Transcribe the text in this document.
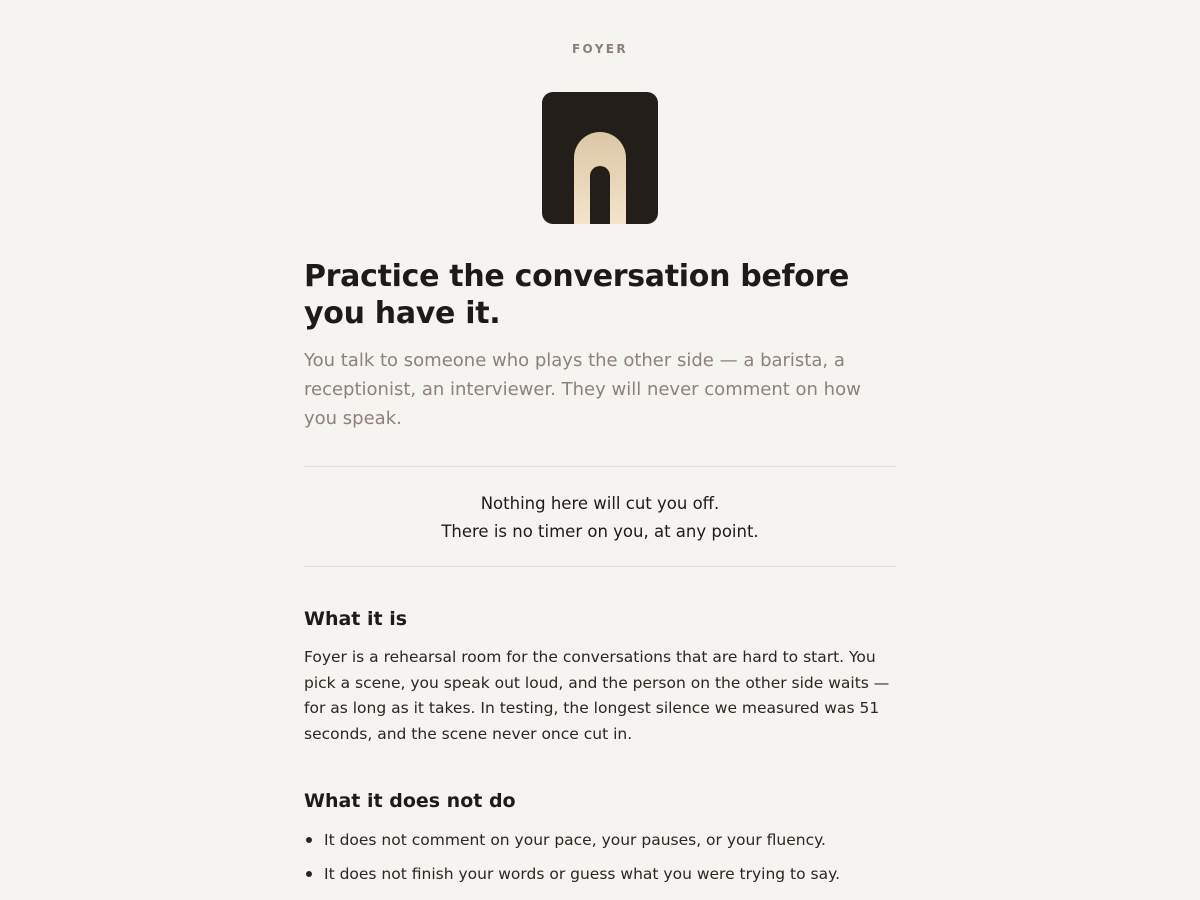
FOYER
Practice the conversation before you have it.

You talk to someone who plays the other side — a barista, a receptionist, an interviewer. They will never comment on how you speak.

Nothing here will cut you off.
There is no timer on you, at any point.
What it is

Foyer is a rehearsal room for the conversations that are hard to start. You pick a scene, you speak out loud, and the person on the other side waits — for as long as it takes. In testing, the longest silence we measured was 51 seconds, and the scene never once cut in.

What it does not do
It does not comment on your pace, your pauses, or your fluency.
It does not finish your words or guess what you were trying to say.
